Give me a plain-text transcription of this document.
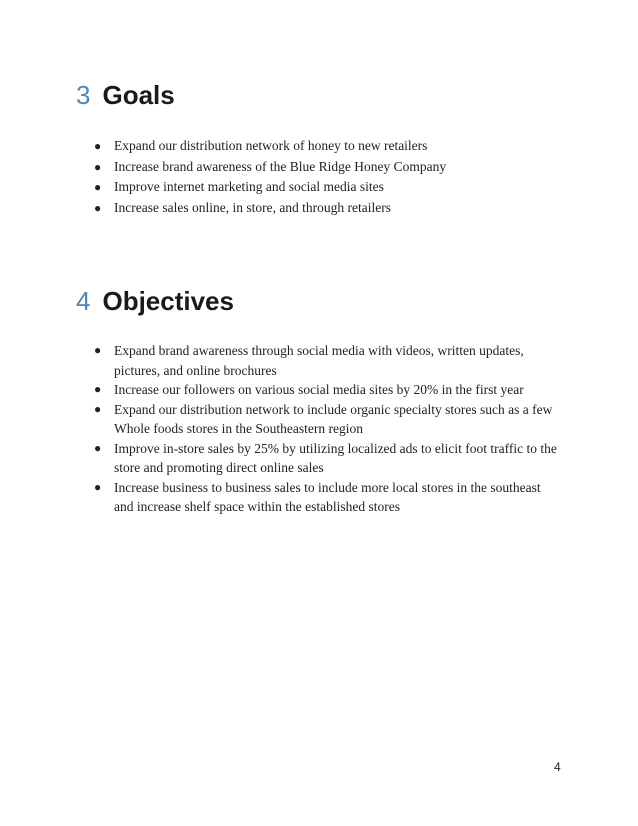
3 Goals
● Expand our distribution network of honey to new retailers
● Increase brand awareness of the Blue Ridge Honey Company
● Improve internet marketing and social media sites
● Increase sales online, in store, and through retailers
4 Objectives
● Expand brand awareness through social media with videos, written updates, pictures, and online brochures
● Increase our followers on various social media sites by 20% in the first year
● Expand our distribution network to include organic specialty stores such as a few Whole foods stores in the Southeastern region
● Improve in-store sales by 25% by utilizing localized ads to elicit foot traffic to the store and promoting direct online sales
● Increase business to business sales to include more local stores in the southeast and increase shelf space within the established stores
4
